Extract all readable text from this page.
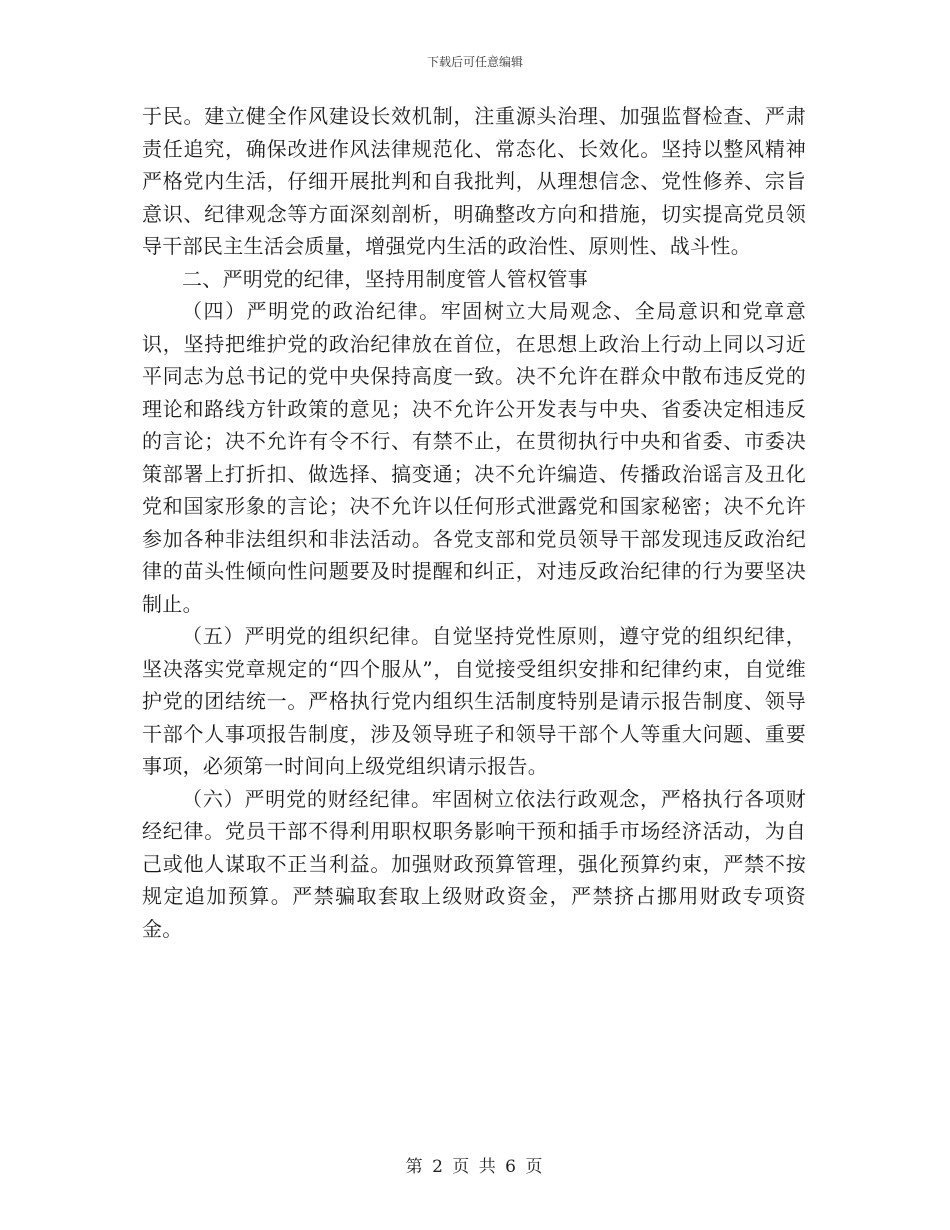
下载后可任意编辑

于民。建立健全作风建设长效机制，注重源头治理、加强监督检查、严肃责任追究，确保改进作风法律规范化、常态化、长效化。坚持以整风精神严格党内生活，仔细开展批判和自我批判，从理想信念、党性修养、宗旨意识、纪律观念等方面深刻剖析，明确整改方向和措施，切实提高党员领导干部民主生活会质量，增强党内生活的政治性、原则性、战斗性。

二、严明党的纪律，坚持用制度管人管权管事

（四）严明党的政治纪律。牢固树立大局观念、全局意识和党章意识，坚持把维护党的政治纪律放在首位，在思想上政治上行动上同以习近平同志为总书记的党中央保持高度一致。决不允许在群众中散布违反党的理论和路线方针政策的意见；决不允许公开发表与中央、省委决定相违反的言论；决不允许有令不行、有禁不止，在贯彻执行中央和省委、市委决策部署上打折扣、做选择、搞变通；决不允许编造、传播政治谣言及丑化党和国家形象的言论；决不允许以任何形式泄露党和国家秘密；决不允许参加各种非法组织和非法活动。各党支部和党员领导干部发现违反政治纪律的苗头性倾向性问题要及时提醒和纠正，对违反政治纪律的行为要坚决制止。

（五）严明党的组织纪律。自觉坚持党性原则，遵守党的组织纪律，坚决落实党章规定的“四个服从”，自觉接受组织安排和纪律约束，自觉维护党的团结统一。严格执行党内组织生活制度特别是请示报告制度、领导干部个人事项报告制度，涉及领导班子和领导干部个人等重大问题、重要事项，必须第一时间向上级党组织请示报告。

（六）严明党的财经纪律。牢固树立依法行政观念，严格执行各项财经纪律。党员干部不得利用职权职务影响干预和插手市场经济活动，为自己或他人谋取不正当利益。加强财政预算管理，强化预算约束，严禁不按规定追加预算。严禁骗取套取上级财政资金，严禁挤占挪用财政专项资金。

第 2 页 共 6 页
